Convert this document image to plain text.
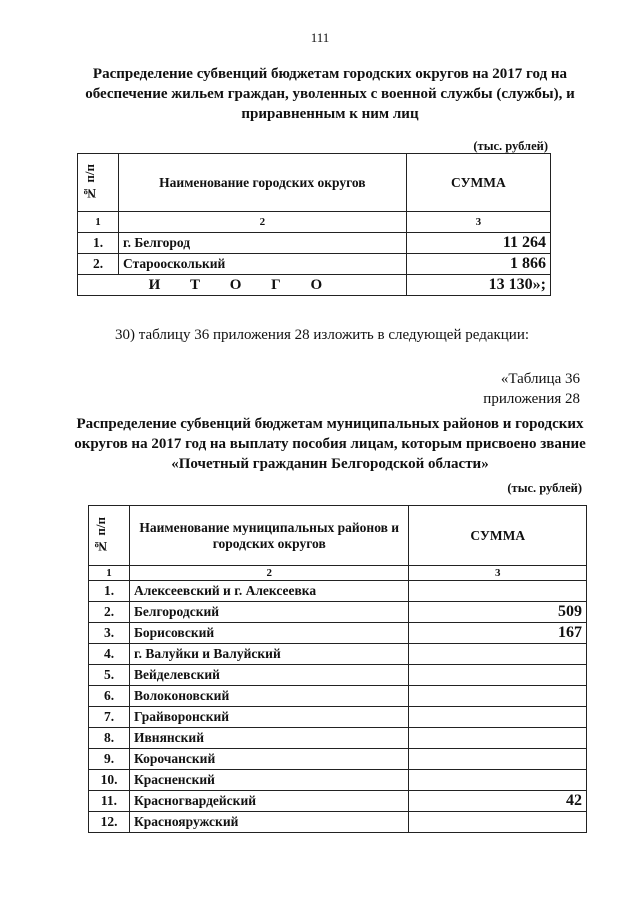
111
Распределение субвенций бюджетам городских округов на 2017 год на обеспечение жильем граждан, уволенных с военной службы (службы), и приравненным к ним лиц
(тыс. рублей)
№ п/п	Наименование городских округов	СУММА
1	2	3
1.	г. Белгород	11 264
2.	Староосколький	1 866
И Т О Г О		13 130»;
30) таблицу 36 приложения 28 изложить в следующей редакции:
«Таблица 36
приложения 28
Распределение субвенций бюджетам муниципальных районов и городских округов на 2017 год на выплату пособия лицам, которым присвоено звание «Почетный гражданин Белгородской области»
(тыс. рублей)
№ п/п	Наименование муниципальных районов и городских округов	СУММА
1	2	3
1.	Алексеевский и г. Алексеевка	
2.	Белгородский	509
3.	Борисовский	167
4.	г. Валуйки и Валуйский	
5.	Вейделевский	
6.	Волоконовский	
7.	Грайворонский	
8.	Ивнянский	
9.	Корочанский	
10.	Красненский	
11.	Красногвардейский	42
12.	Краснояружский	
